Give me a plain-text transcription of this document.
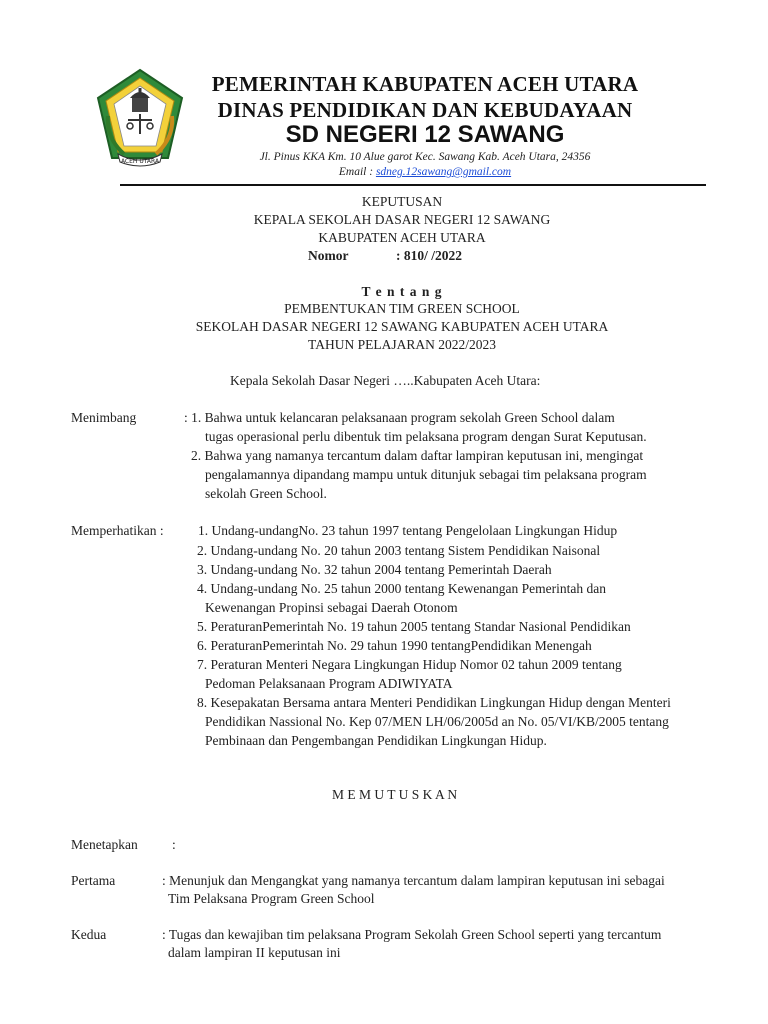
ACEH UTARA
PEMERINTAH KABUPATEN ACEH UTARA
DINAS PENDIDIKAN DAN KEBUDAYAAN
SD NEGERI 12 SAWANG
Jl. Pinus KKA Km. 10 Alue garot Kec. Sawang Kab. Aceh Utara, 24356
Email : sdneg.12sawang@gmail.com
KEPUTUSAN
KEPALA SEKOLAH DASAR NEGERI 12 SAWANG
KABUPATEN ACEH UTARA
Nomor	: 810/ /2022
T e n t a n g
PEMBENTUKAN TIM GREEN SCHOOL
SEKOLAH DASAR NEGERI 12 SAWANG KABUPATEN ACEH UTARA
TAHUN PELAJARAN 2022/2023
Kepala Sekolah Dasar Negeri …..Kabupaten Aceh Utara:
Menimbang	: 1. Bahwa untuk kelancaran pelaksanaan program sekolah Green School dalam
tugas operasional perlu dibentuk tim pelaksana program dengan Surat Keputusan.
2. Bahwa yang namanya tercantum dalam daftar lampiran keputusan ini, mengingat
pengalamannya dipandang mampu untuk ditunjuk sebagai tim pelaksana program
sekolah Green School.
Memperhatikan :	1. Undang-undangNo. 23 tahun 1997 tentang Pengelolaan Lingkungan Hidup
2. Undang-undang No. 20 tahun 2003 tentang Sistem Pendidikan Naisonal
3. Undang-undang No. 32 tahun 2004 tentang Pemerintah Daerah
4. Undang-undang No. 25 tahun 2000 tentang Kewenangan Pemerintah dan
Kewenangan Propinsi sebagai Daerah Otonom
5. PeraturanPemerintah No. 19 tahun 2005 tentang Standar Nasional Pendidikan
6. PeraturanPemerintah No. 29 tahun 1990 tentangPendidikan Menengah
7. Peraturan Menteri Negara Lingkungan Hidup Nomor 02 tahun 2009 tentang
Pedoman Pelaksanaan Program ADIWIYATA
8. Kesepakatan Bersama antara Menteri Pendidikan Lingkungan Hidup dengan Menteri
Pendidikan Nassional No. Kep 07/MEN LH/06/2005d an No. 05/VI/KB/2005 tentang
Pembinaan dan Pengembangan Pendidikan Lingkungan Hidup.
M E M U T U S K A N
Menetapkan	:
Pertama	: Menunjuk dan Mengangkat yang namanya tercantum dalam lampiran keputusan ini sebagai
Tim Pelaksana Program Green School
Kedua	: Tugas dan kewajiban tim pelaksana Program Sekolah Green School seperti yang tercantum
dalam lampiran II keputusan ini
